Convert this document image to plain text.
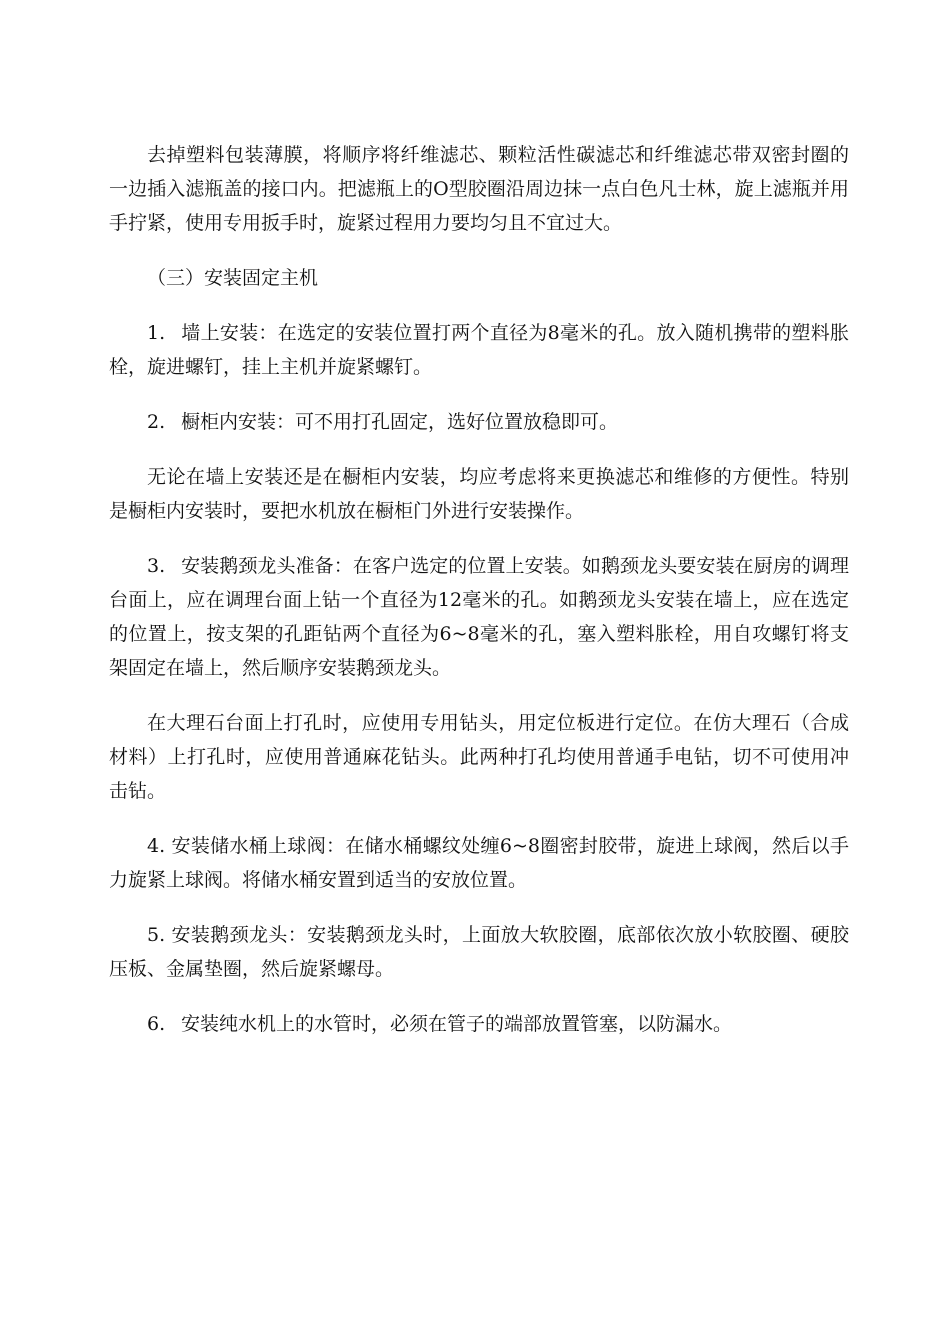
去掉塑料包装薄膜，将顺序将纤维滤芯、颗粒活性碳滤芯和纤维滤芯带双密封圈的一边插入滤瓶盖的接口内。把滤瓶上的O型胶圈沿周边抹一点白色凡士林，旋上滤瓶并用手拧紧，使用专用扳手时，旋紧过程用力要均匀且不宜过大。

（三）安装固定主机

1. 墙上安装：在选定的安装位置打两个直径为8毫米的孔。放入随机携带的塑料胀栓，旋进螺钉，挂上主机并旋紧螺钉。

2. 橱柜内安装：可不用打孔固定，选好位置放稳即可。

无论在墙上安装还是在橱柜内安装，均应考虑将来更换滤芯和维修的方便性。特别是橱柜内安装时，要把水机放在橱柜门外进行安装操作。

3. 安装鹅颈龙头准备：在客户选定的位置上安装。如鹅颈龙头要安装在厨房的调理台面上，应在调理台面上钻一个直径为12毫米的孔。如鹅颈龙头安装在墙上，应在选定的位置上，按支架的孔距钻两个直径为6~8毫米的孔，塞入塑料胀栓，用自攻螺钉将支架固定在墙上，然后顺序安装鹅颈龙头。

在大理石台面上打孔时，应使用专用钻头，用定位板进行定位。在仿大理石（合成材料）上打孔时，应使用普通麻花钻头。此两种打孔均使用普通手电钻，切不可使用冲击钻。

4. 安装储水桶上球阀：在储水桶螺纹处缠6~8圈密封胶带，旋进上球阀，然后以手力旋紧上球阀。将储水桶安置到适当的安放位置。

5. 安装鹅颈龙头：安装鹅颈龙头时，上面放大软胶圈，底部依次放小软胶圈、硬胶压板、金属垫圈，然后旋紧螺母。

6. 安装纯水机上的水管时，必须在管子的端部放置管塞，以防漏水。
